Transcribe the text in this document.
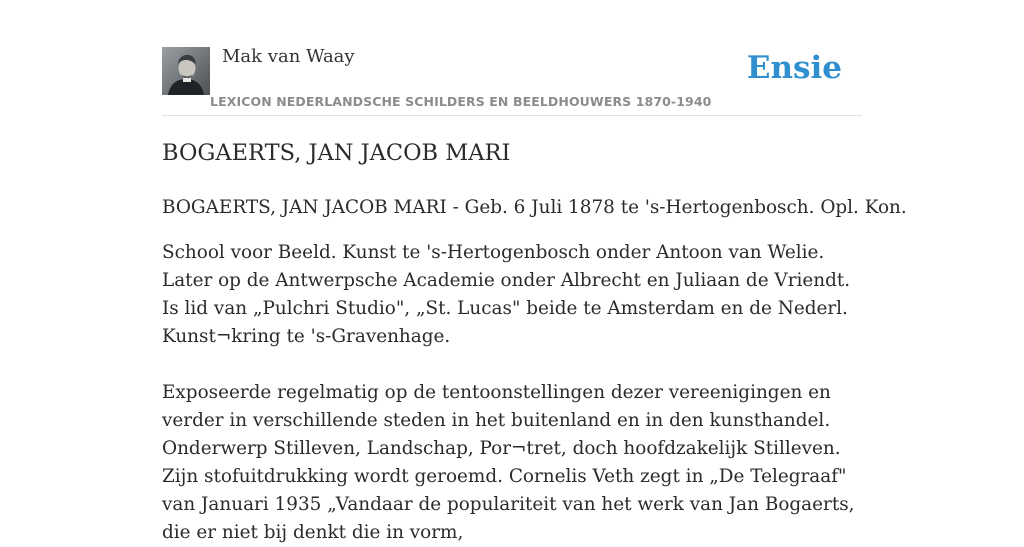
Mak van Waay
LEXICON NEDERLANDSCHE SCHILDERS EN BEELDHOUWERS 1870-1940
Ensie
BOGAERTS, JAN JACOB MARI

BOGAERTS, JAN JACOB MARI - Geb. 6 Juli 1878 te 's-Hertogenbosch. Opl. Kon.

School voor Beeld. Kunst te 's-Hertogenbosch onder Antoon van Welie. Later op de Antwerpsche Academie onder Albrecht en Juliaan de Vriendt. Is lid van „Pulchri Studio", „St. Lucas" beide te Amsterdam en de Nederl. Kunst¬kring te 's-Gravenhage.

Exposeerde regelmatig op de tentoonstellingen dezer vereenigingen en verder in verschillende steden in het buitenland en in den kunsthandel. Onderwerp Stilleven, Landschap, Por¬tret, doch hoofdzakelijk Stilleven. Zijn stofuitdrukking wordt geroemd. Cornelis Veth zegt in „De Telegraaf" van Januari 1935 „Vandaar de populariteit van het werk van Jan Bogaerts, die er niet bij denkt die in vorm,
